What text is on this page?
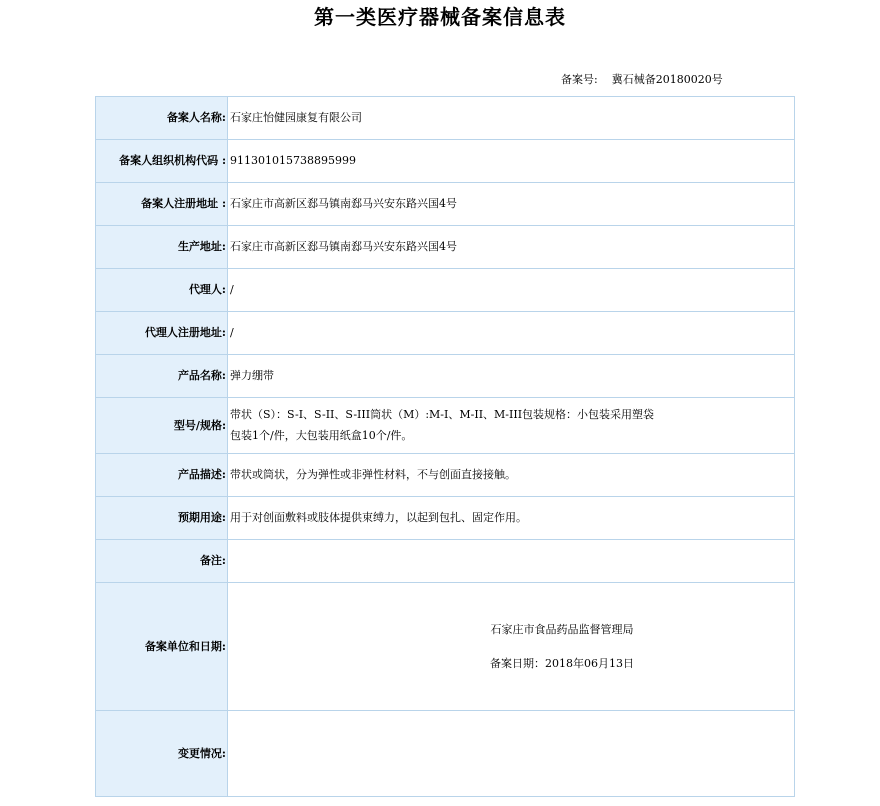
第一类医疗器械备案信息表
备案号: 冀石械备20180020号
备案人名称:	石家庄怡健园康复有限公司
备案人组织机构代码 :	911301015738895999
备案人注册地址 :	石家庄市高新区郄马镇南郄马兴安东路兴国4号
生产地址:	石家庄市高新区郄马镇南郄马兴安东路兴国4号
代理人:	/
代理人注册地址:	/
产品名称:	弹力绷带
型号/规格:	带状（S）：S-I、S-II、S-III筒状（M）:M-I、M-II、M-III包装规格：小包装采用塑袋
包装1个/件，大包装用纸盒10个/件。

产品描述:	带状或筒状，分为弹性或非弹性材料，不与创面直接接触。
预期用途:	用于对创面敷料或肢体提供束缚力，以起到包扎、固定作用。
备注:	
备案单位和日期:	石家庄市食品药品监督管理局
备案日期：2018年06月13日

变更情况:	
